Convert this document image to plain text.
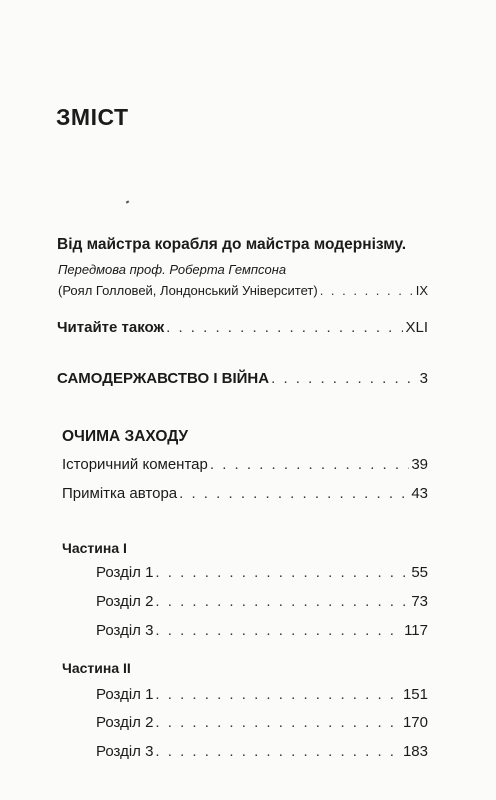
ЗМІСТ
Від майстра корабля до майстра модернізму.
Передмова проф. Роберта Гемпсона
(Роял Голловей, Лондонський Університет) . . .	IX
Читайте також . . .	XLI
САМОДЕРЖАВСТВО І ВІЙНА . . .	3
ОЧИМА ЗАХОДУ
Історичний коментар . . .	39
Примітка автора . . .	43
Частина І
Розділ 1 . . .	55
Розділ 2 . . .	73
Розділ 3 . . .	117
Частина ІІ
Розділ 1 . . .	151
Розділ 2 . . .	170
Розділ 3 . . .	183
